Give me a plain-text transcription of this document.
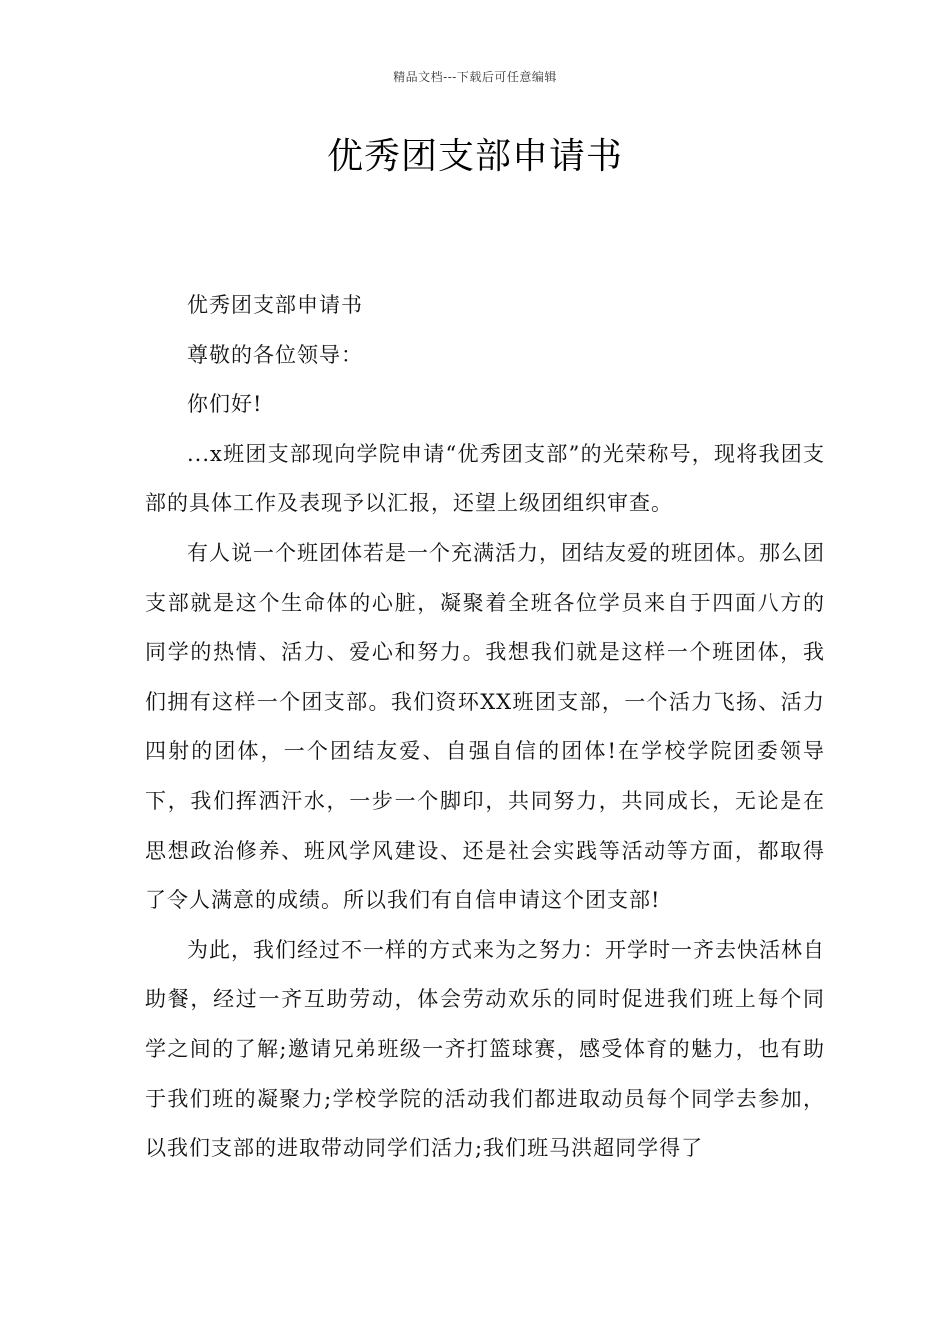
精品文档---下载后可任意编辑
优秀团支部申请书

优秀团支部申请书

尊敬的各位领导：

你们好!

...x班团支部现向学院申请“优秀团支部”的光荣称号，现将我团支部的具体工作及表现予以汇报，还望上级团组织审查。

有人说一个班团体若是一个充满活力，团结友爱的班团体。那么团支部就是这个生命体的心脏，凝聚着全班各位学员来自于四面八方的同学的热情、活力、爱心和努力。我想我们就是这样一个班团体，我们拥有这样一个团支部。我们资环XX班团支部，一个活力飞扬、活力四射的团体，一个团结友爱、自强自信的团体!在学校学院团委领导下，我们挥洒汗水，一步一个脚印，共同努力，共同成长，无论是在思想政治修养、班风学风建设、还是社会实践等活动等方面，都取得了令人满意的成绩。所以我们有自信申请这个团支部!

为此，我们经过不一样的方式来为之努力：开学时一齐去快活林自助餐，经过一齐互助劳动，体会劳动欢乐的同时促进我们班上每个同学之间的了解;邀请兄弟班级一齐打篮球赛，感受体育的魅力，也有助于我们班的凝聚力;学校学院的活动我们都进取动员每个同学去参加，以我们支部的进取带动同学们活力;我们班马洪超同学得了
